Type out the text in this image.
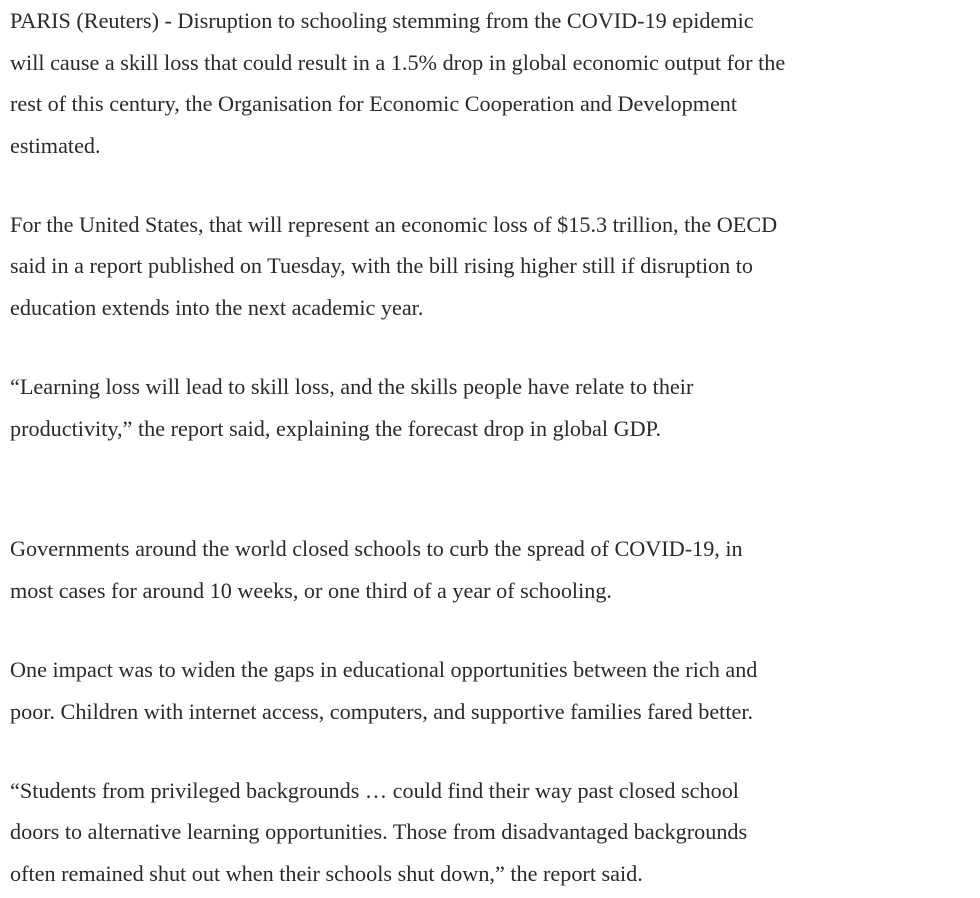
PARIS (Reuters) - Disruption to schooling stemming from the COVID-19 epidemic
will cause a skill loss that could result in a 1.5% drop in global economic output for the
rest of this century, the Organisation for Economic Cooperation and Development
estimated.

For the United States, that will represent an economic loss of $15.3 trillion, the OECD
said in a report published on Tuesday, with the bill rising higher still if disruption to
education extends into the next academic year.

“Learning loss will lead to skill loss, and the skills people have relate to their
productivity,” the report said, explaining the forecast drop in global GDP.

Governments around the world closed schools to curb the spread of COVID-19, in
most cases for around 10 weeks, or one third of a year of schooling.

One impact was to widen the gaps in educational opportunities between the rich and
poor. Children with internet access, computers, and supportive families fared better.

“Students from privileged backgrounds … could find their way past closed school
doors to alternative learning opportunities. Those from disadvantaged backgrounds
often remained shut out when their schools shut down,” the report said.
